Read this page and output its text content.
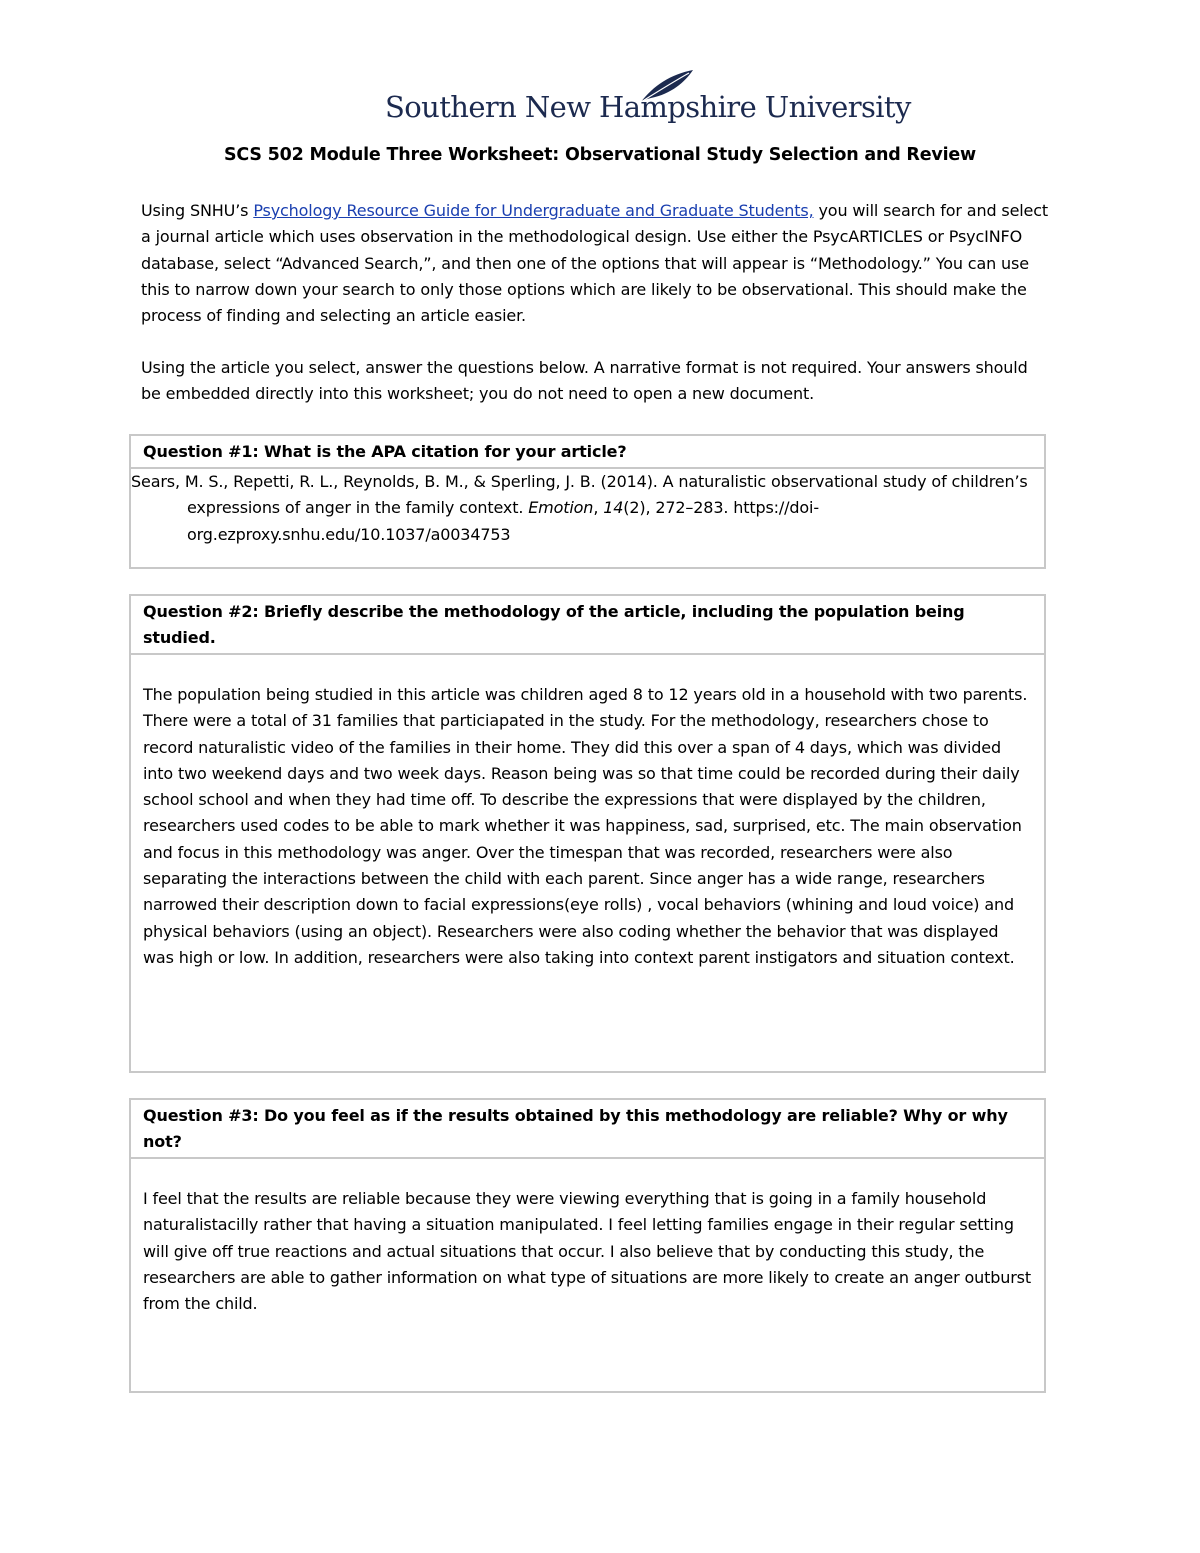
Southern New Hampshire University
SCS 502 Module Three Worksheet: Observational Study Selection and Review
Using SNHU’s Psychology Resource Guide for Undergraduate and Graduate Students, you will search for and select a journal article which uses observation in the methodological design. Use either the PsycARTICLES or PsycINFO database, select “Advanced Search,”, and then one of the options that will appear is “Methodology.” You can use this to narrow down your search to only those options which are likely to be observational. This should make the process of finding and selecting an article easier.
Using the article you select, answer the questions below. A narrative format is not required. Your answers should be embedded directly into this worksheet; you do not need to open a new document.
Question #1: What is the APA citation for your article?
Sears, M. S., Repetti, R. L., Reynolds, B. M., & Sperling, J. B. (2014). A naturalistic observational study of children’s expressions of anger in the family context. Emotion, 14(2), 272–283. https://doi-org.ezproxy.snhu.edu/10.1037/a0034753
Question #2: Briefly describe the methodology of the article, including the population being studied.
The population being studied in this article was children aged 8 to 12 years old in a household with two parents. There were a total of 31 families that particiapated in the study. For the methodology, researchers chose to record naturalistic video of the families in their home. They did this over a span of 4 days, which was divided into two weekend days and two week days. Reason being was so that time could be recorded during their daily school school and when they had time off. To describe the expressions that were displayed by the children, researchers used codes to be able to mark whether it was happiness, sad, surprised, etc. The main observation and focus in this methodology was anger. Over the timespan that was recorded, researchers were also separating the interactions between the child with each parent. Since anger has a wide range, researchers narrowed their description down to facial expressions(eye rolls) , vocal behaviors (whining and loud voice) and physical behaviors (using an object). Researchers were also coding whether the behavior that was displayed was high or low. In addition, researchers were also taking into context parent instigators and situation context.
Question #3: Do you feel as if the results obtained by this methodology are reliable? Why or why not?
I feel that the results are reliable because they were viewing everything that is going in a family household naturalistacilly rather that having a situation manipulated. I feel letting families engage in their regular setting will give off true reactions and actual situations that occur. I also believe that by conducting this study, the researchers are able to gather information on what type of situations are more likely to create an anger outburst from the child.
